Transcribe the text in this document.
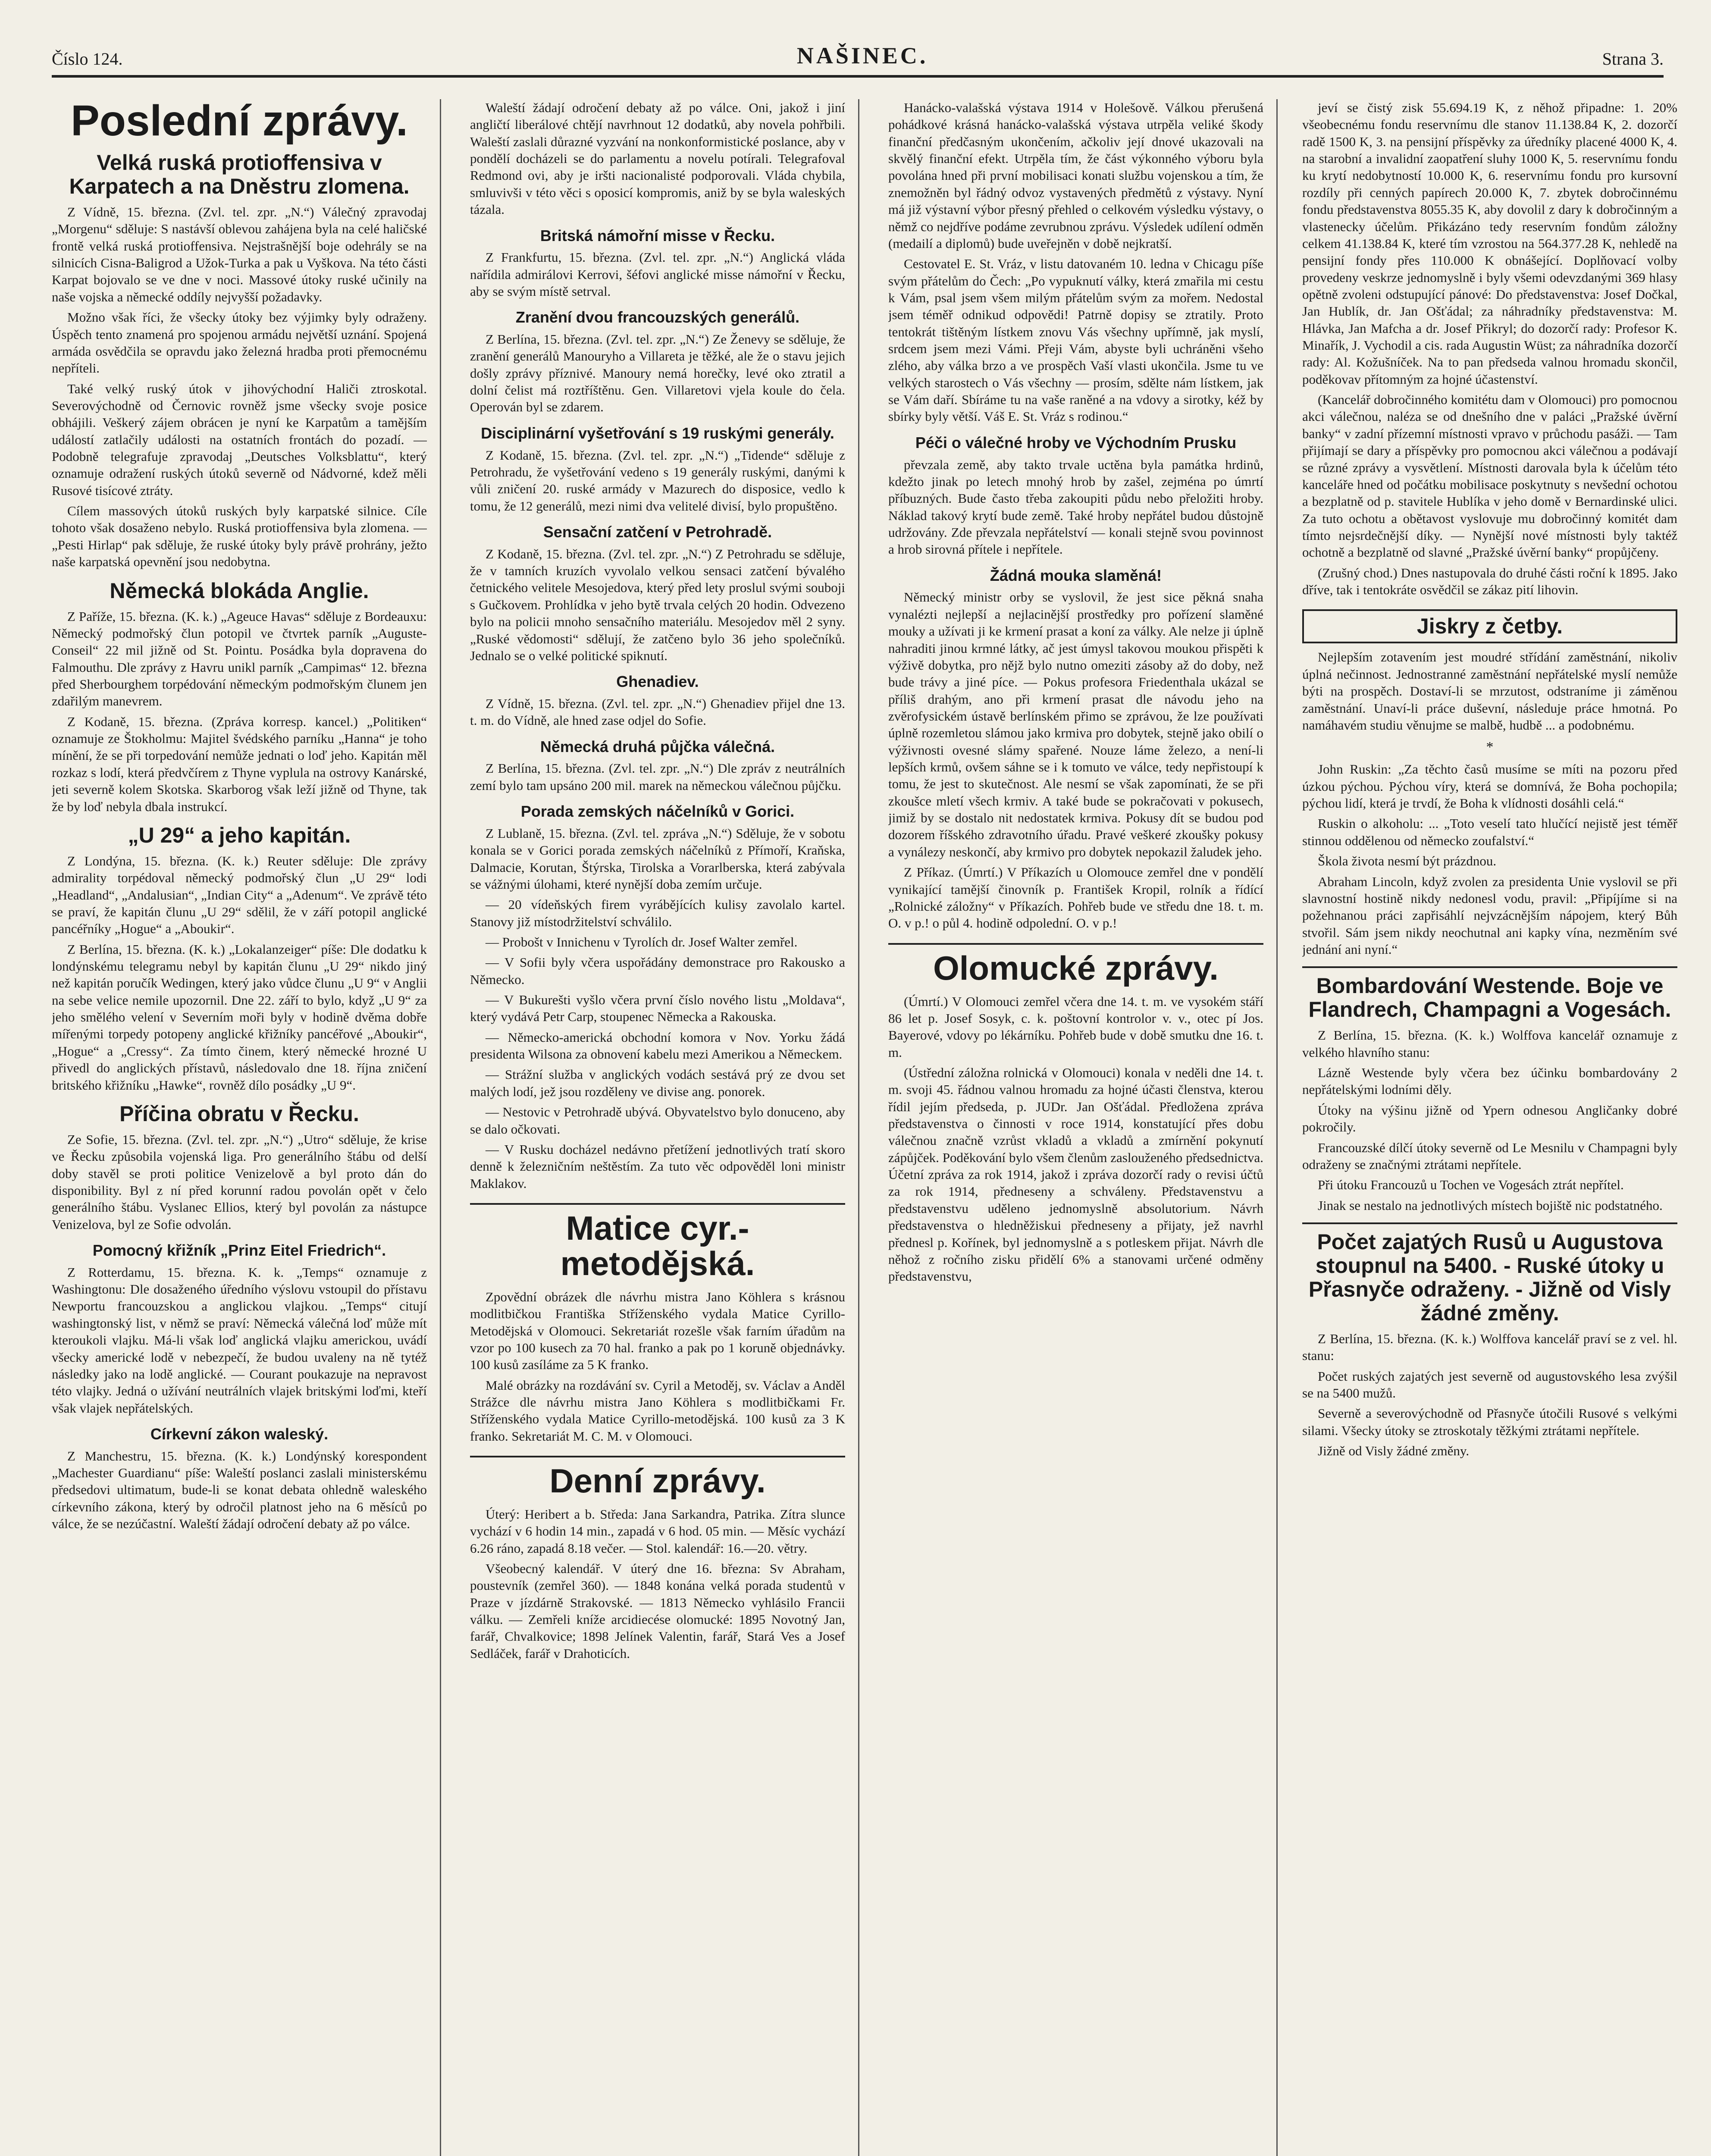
Číslo 124.	NAŠINEC.	Strana 3.
Poslední zprávy.
Velká ruská protioffensiva v Karpatech a na Dněstru zlomena.

Z Vídně, 15. března. (Zvl. tel. zpr. „N.“) Válečný zpravodaj „Morgenu“ sděluje: S nastávší oblevou zahájena byla na celé haličské frontě velká ruská protioffensiva. Nejstrašnější boje odehrály se na silnicích Cisna-Baligrod a Užok-Turka a pak u Vyškova. Na této části Karpat bojovalo se ve dne v noci. Massové útoky ruské učinily na naše vojska a německé oddíly nejvyšší požadavky.

Možno však říci, že všecky útoky bez výjimky byly odraženy. Úspěch tento znamená pro spojenou armádu největší uznání. Spojená armáda osvědčila se opravdu jako železná hradba proti přemocnému nepříteli.

Také velký ruský útok v jihovýchodní Haliči ztroskotal. Severovýchodně od Černovic rovněž jsme všecky svoje posice obhájili. Veškerý zájem obrácen je nyní ke Karpatům a tamějším událostí zatlačily události na ostatních frontách do pozadí. — Podobně telegrafuje zpravodaj „Deutsches Volksblattu“, který oznamuje odražení ruských útoků severně od Nádvorné, kdež měli Rusové tisícové ztráty.

Cílem massových útoků ruských byly karpatské silnice. Cíle tohoto však dosaženo nebylo. Ruská protioffensiva byla zlomena. — „Pesti Hirlap“ pak sděluje, že ruské útoky byly právě prohrány, ježto naše karpatská opevnění jsou nedobytna.

Německá blokáda Anglie.

Z Paříže, 15. března. (K. k.) „Ageuce Havas“ sděluje z Bordeauxu: Německý podmořský člun potopil ve čtvrtek parník „Auguste-Conseil“ 22 mil jižně od St. Pointu. Posádka byla dopravena do Falmouthu. Dle zprávy z Havru unikl parník „Campimas“ 12. března před Sherbourghem torpédování německým podmořským člunem jen zdařilým manevrem.

Z Kodaně, 15. března. (Zpráva korresp. kancel.) „Politiken“ oznamuje ze Štokholmu: Majitel švédského parníku „Hanna“ je toho mínění, že se při torpedování nemůže jednati o loď jeho. Kapitán měl rozkaz s lodí, která předvčírem z Thyne vyplula na ostrovy Kanárské, jeti severně kolem Skotska. Skarborog však leží jižně od Thyne, tak že by loď nebyla dbala instrukcí.

„U 29“ a jeho kapitán.

Z Londýna, 15. března. (K. k.) Reuter sděluje: Dle zprávy admirality torpédoval německý podmořský člun „U 29“ lodi „Headland“, „Andalusian“, „Indian City“ a „Adenum“. Ve zprávě této se praví, že kapitán člunu „U 29“ sdělil, že v září potopil anglické pancéřníky „Hogue“ a „Aboukir“.

Z Berlína, 15. března. (K. k.) „Lokalanzeiger“ píše: Dle dodatku k londýnskému telegramu nebyl by kapitán člunu „U 29“ nikdo jiný než kapitán poručík Wedingen, který jako vůdce člunu „U 9“ v Anglii na sebe velice nemile upozornil. Dne 22. září to bylo, když „U 9“ za jeho smělého velení v Severním moři byly v hodině dvěma dobře mířenými torpedy potopeny anglické křižníky pancéřové „Aboukir“, „Hogue“ a „Cressy“. Za tímto činem, který německé hrozné U přivedl do anglických přístavů, následovalo dne 18. října zničení britského křižníku „Hawke“, rovněž dílo posádky „U 9“.

Příčina obratu v Řecku.

Ze Sofie, 15. března. (Zvl. tel. zpr. „N.“) „Utro“ sděluje, že krise ve Řecku způsobila vojenská liga. Pro generálního štábu od delší doby stavěl se proti politice Venizelově a byl proto dán do disponibility. Byl z ní před korunní radou povolán opět v čelo generálního štábu. Vyslanec Ellios, který byl povolán za nástupce Venizelova, byl ze Sofie odvolán.

Pomocný křižník „Prinz Eitel Friedrich“.

Z Rotterdamu, 15. března. K. k. „Temps“ oznamuje z Washingtonu: Dle dosaženého úředního výslovu vstoupil do přístavu Newportu francouzskou a anglickou vlajkou. „Temps“ citují washingtonský list, v němž se praví: Německá válečná loď může mít kteroukoli vlajku. Má-li však loď anglická vlajku americkou, uvádí všecky americké lodě v nebezpečí, že budou uvaleny na ně tytéž následky jako na lodě anglické. — Courant poukazuje na nepravost této vlajky. Jedná o užívání neutrálních vlajek britskými loďmi, kteří však vlajek nepřátelských.

Církevní zákon waleský.

Z Manchestru, 15. března. (K. k.) Londýnský korespondent „Machester Guardianu“ píše: Waleští poslanci zaslali ministerskému předsedovi ultimatum, bude-li se konat debata ohledně waleského církevního zákona, který by odročil platnost jeho na 6 měsíců po válce, že se nezúčastní. Waleští žádají odročení debaty až po válce.

Waleští žádají odročení debaty až po válce. Oni, jakož i jiní angličtí liberálové chtějí navrhnout 12 dodatků, aby novela pohřbili. Waleští zaslali důrazné vyzvání na nonkonformistické poslance, aby v pondělí docházeli se do parlamentu a novelu potírali. Telegrafoval Redmond ovi, aby je iršti nacionalisté podporovali. Vláda chybila, smluvivši v této věci s oposicí kompromis, aniž by se byla waleských tázala.

Britská námořní misse v Řecku.

Z Frankfurtu, 15. března. (Zvl. tel. zpr. „N.“) Anglická vláda nařídila admirálovi Kerrovi, šéfovi anglické misse námořní v Řecku, aby se svým místě setrval.

Zranění dvou francouzských generálů.

Z Berlína, 15. března. (Zvl. tel. zpr. „N.“) Ze Ženevy se sděluje, že zranění generálů Manouryho a Villareta je těžké, ale že o stavu jejich došly zprávy příznivé. Manoury nemá horečky, levé oko ztratil a dolní čelist má roztříštěnu. Gen. Villaretovi vjela koule do čela. Operován byl se zdarem.

Disciplinární vyšetřování s 19 ruskými generály.

Z Kodaně, 15. března. (Zvl. tel. zpr. „N.“) „Tidende“ sděluje z Petrohradu, že vyšetřování vedeno s 19 generály ruskými, danými k vůli zničení 20. ruské armády v Mazurech do disposice, vedlo k tomu, že 12 generálů, mezi nimi dva velitelé divisí, bylo propuštěno.

Sensační zatčení v Petrohradě.

Z Kodaně, 15. března. (Zvl. tel. zpr. „N.“) Z Petrohradu se sděluje, že v tamních kruzích vyvolalo velkou sensaci zatčení bývalého četnického velitele Mesojedova, který před lety proslul svými souboji s Gučkovem. Prohlídka v jeho bytě trvala celých 20 hodin. Odvezeno bylo na policii mnoho sensačního materiálu. Mesojedov měl 2 syny. „Ruské vědomosti“ sdělují, že zatčeno bylo 36 jeho společníků. Jednalo se o velké politické spiknutí.

Ghenadiev.

Z Vídně, 15. března. (Zvl. tel. zpr. „N.“) Ghenadiev přijel dne 13. t. m. do Vídně, ale hned zase odjel do Sofie.

Německá druhá půjčka válečná.

Z Berlína, 15. března. (Zvl. tel. zpr. „N.“) Dle zpráv z neutrálních zemí bylo tam upsáno 200 mil. marek na německou válečnou půjčku.

Porada zemských náčelníků v Gorici.

Z Lublaně, 15. března. (Zvl. tel. zpráva „N.“) Sděluje, že v sobotu konala se v Gorici porada zemských náčelníků z Přímoří, Kraňska, Dalmacie, Korutan, Štýrska, Tirolska a Vorarlberska, která zabývala se vážnými úlohami, které nynější doba zemím určuje.

— 20 vídeňských firem vyrábějících kulisy zavolalo kartel. Stanovy již místodržitelství schválilo.

— Probošt v Innichenu v Tyrolích dr. Josef Walter zemřel.

— V Sofii byly včera uspořádány demonstrace pro Rakousko a Německo.

— V Bukurešti vyšlo včera první číslo nového listu „Moldava“, který vydává Petr Carp, stoupenec Německa a Rakouska.

— Německo-americká obchodní komora v Nov. Yorku žádá presidenta Wilsona za obnovení kabelu mezi Amerikou a Německem.

— Strážní služba v anglických vodách sestává prý ze dvou set malých lodí, jež jsou rozděleny ve divise ang. ponorek.

— Nestovic v Petrohradě ubývá. Obyvatelstvo bylo donuceno, aby se dalo očkovati.

— V Rusku docházel nedávno přetížení jednotlivých tratí skoro denně k železničním neštěstím. Za tuto věc odpověděl loni ministr Maklakov.

Matice cyr.-metodějská.

Zpovědní obrázek dle návrhu mistra Jano Köhlera s krásnou modlitbičkou Františka Stříženského vydala Matice Cyrillo-Metodějská v Olomouci. Sekretariát rozešle však farním úřadům na vzor po 100 kusech za 70 hal. franko a pak po 1 koruně objednávky. 100 kusů zasíláme za 5 K franko.

Malé obrázky na rozdávání sv. Cyril a Metoděj, sv. Václav a Anděl Strážce dle návrhu mistra Jano Köhlera s modlitbičkami Fr. Stříženského vydala Matice Cyrillo-metodějská. 100 kusů za 3 K franko. Sekretariát M. C. M. v Olomouci.

Denní zprávy.

Úterý: Heribert a b. Středa: Jana Sarkandra, Patrika. Zítra slunce vychází v 6 hodin 14 min., zapadá v 6 hod. 05 min. — Měsíc vychází 6.26 ráno, zapadá 8.18 večer. — Stol. kalendář: 16.—20. větry.

Všeobecný kalendář. V úterý dne 16. března: Sv Abraham, poustevník (zemřel 360). — 1848 konána velká porada studentů v Praze v jízdárně Strakovské. — 1813 Německo vyhlásilo Francii válku. — Zemřeli kníže arcidiecése olomucké: 1895 Novotný Jan, farář, Chvalkovice; 1898 Jelínek Valentin, farář, Stará Ves a Josef Sedláček, farář v Drahoticích.

Hanácko-valašská výstava 1914 v Holešově. Válkou přerušená pohádkové krásná hanácko-valašská výstava utrpěla veliké škody finanční předčasným ukončením, ačkoliv její dnové ukazovali na skvělý finanční efekt. Utrpěla tím, že část výkonného výboru byla povolána hned při první mobilisaci konati službu vojenskou a tím, že znemožněn byl řádný odvoz vystavených předmětů z výstavy. Nyní má již výstavní výbor přesný přehled o celkovém výsledku výstavy, o němž co nejdříve podáme zevrubnou zprávu. Výsledek udílení odměn (medailí a diplomů) bude uveřejněn v době nejkratší.

Cestovatel E. St. Vráz, v listu datovaném 10. ledna v Chicagu píše svým přátelům do Čech: „Po vypuknutí války, která zmařila mi cestu k Vám, psal jsem všem milým přátelům svým za mořem. Nedostal jsem téměř odnikud odpovědi! Patrně dopisy se ztratily. Proto tentokrát tištěným lístkem znovu Vás všechny upřímně, jak myslí, srdcem jsem mezi Vámi. Přeji Vám, abyste byli uchráněni všeho zlého, aby válka brzo a ve prospěch Vaší vlasti ukončila. Jsme tu ve velkých starostech o Vás všechny — prosím, sdělte nám lístkem, jak se Vám daří. Sbíráme tu na vaše raněné a na vdovy a sirotky, kéž by sbírky byly větší. Váš E. St. Vráz s rodinou.“

Péči o válečné hroby ve Východním Prusku

převzala země, aby takto trvale uctěna byla památka hrdinů, kdežto jinak po letech mnohý hrob by zašel, zejména po úmrtí příbuzných. Bude často třeba zakoupiti půdu nebo přeložiti hroby. Náklad takový krytí bude země. Také hroby nepřátel budou důstojně udržovány. Zde převzala nepřátelství — konali stejně svou povinnost a hrob sirovná přítele i nepřítele.

Žádná mouka slaměná!

Německý ministr orby se vyslovil, že jest sice pěkná snaha vynalézti nejlepší a nejlacinější prostředky pro pořízení slaměné mouky a užívati ji ke krmení prasat a koní za války. Ale nelze ji úplně nahraditi jinou krmné látky, ač jest úmysl takovou moukou přispěti k výživě dobytka, pro nějž bylo nutno omeziti zásoby až do doby, než bude trávy a jiné píce. — Pokus profesora Friedenthala ukázal se příliš drahým, ano při krmení prasat dle návodu jeho na zvěrofysickém ústavě berlínském přimo se zprávou, že lze používati úplně rozemletou slámou jako krmiva pro dobytek, stejně jako obilí o výživnosti ovesné slámy spařené. Nouze láme železo, a není-li lepších krmů, ovšem sáhne se i k tomuto ve válce, tedy nepřistoupí k tomu, že jest to skutečnost. Ale nesmí se však zapomínati, že se při zkoušce mletí všech krmiv. A také bude se pokračovati v pokusech, jimiž by se dostalo nit nedostatek krmiva. Pokusy dít se budou pod dozorem říšského zdravotního úřadu. Pravé veškeré zkoušky pokusy a vynálezy neskončí, aby krmivo pro dobytek nepokazil žaludek jeho.

Z Příkaz. (Úmrtí.) V Příkazích u Olomouce zemřel dne v pondělí vynikající tamější činovník p. František Kropil, rolník a řídící „Rolnické záložny“ v Příkazích. Pohřeb bude ve středu dne 18. t. m. O. v p.! o půl 4. hodině odpolední. O. v p.!

Olomucké zprávy.

(Úmrtí.) V Olomouci zemřel včera dne 14. t. m. ve vysokém stáří 86 let p. Josef Sosyk, c. k. poštovní kontrolor v. v., otec pí Jos. Bayerové, vdovy po lékárníku. Pohřeb bude v době smutku dne 16. t. m.

(Ústřední záložna rolnická v Olomouci) konala v neděli dne 14. t. m. svoji 45. řádnou valnou hromadu za hojné účasti členstva, kterou řídil jejím předseda, p. JUDr. Jan Ošťádal. Předložena zpráva představenstva o činnosti v roce 1914, konstatující přes dobu válečnou značně vzrůst vkladů a vkladů a zmírnění pokynutí zápůjček. Poděkování bylo všem členům zaslouženého předsednictva. Účetní zpráva za rok 1914, jakož i zpráva dozorčí rady o revisi účtů za rok 1914, předneseny a schváleny. Představenstvu a představenstvu uděleno jednomyslně absolutorium. Návrh představenstva o hledněžiskui předneseny a přijaty, jež navrhl přednesl p. Kořínek, byl jednomyslně a s potleskem přijat. Návrh dle něhož z ročního zisku přidělí 6% a stanovami určené odměny představenstvu,

jeví se čistý zisk 55.694.19 K, z něhož připadne: 1. 20% všeobecnému fondu reservnímu dle stanov 11.138.84 K, 2. dozorčí radě 1500 K, 3. na pensijní příspěvky za úředníky placené 4000 K, 4. na starobní a invalidní zaopatření sluhy 1000 K, 5. reservnímu fondu ku krytí nedobytností 10.000 K, 6. reservnímu fondu pro kursovní rozdíly při cenných papírech 20.000 K, 7. zbytek dobročinnému fondu představenstva 8055.35 K, aby dovolil z dary k dobročinným a vlastenecky účelům. Přikázáno tedy reservním fondům záložny celkem 41.138.84 K, které tím vzrostou na 564.377.28 K, nehledě na pensijní fondy přes 110.000 K obnášející. Doplňovací volby provedeny veskrze jednomyslně i byly všemi odevzdanými 369 hlasy opětně zvoleni odstupující pánové: Do představenstva: Josef Dočkal, Jan Hublík, dr. Jan Ošťádal; za náhradníky představenstva: M. Hlávka, Jan Mafcha a dr. Josef Přikryl; do dozorčí rady: Profesor K. Minařík, J. Vychodil a cis. rada Augustin Wüst; za náhradníka dozorčí rady: Al. Kožušníček. Na to pan předseda valnou hromadu skončil, poděkovav přítomným za hojné účastenství.

(Kancelář dobročinného komitétu dam v Olomouci) pro pomocnou akci válečnou, naléza se od dnešního dne v paláci „Pražské úvěrní banky“ v zadní přízemní místnosti vpravo v průchodu pasáži. — Tam přijímají se dary a příspěvky pro pomocnou akci válečnou a podávají se různé zprávy a vysvětlení. Místnosti darovala byla k účelům této kanceláře hned od počátku mobilisace poskytnuty s nevšední ochotou a bezplatně od p. stavitele Hublíka v jeho domě v Bernardinské ulici. Za tuto ochotu a obětavost vyslovuje mu dobročinný komitét dam tímto nejsrdečnější díky. — Nynější nové místnosti byly taktéž ochotně a bezplatně od slavné „Pražské úvěrní banky“ propůjčeny.

(Zrušný chod.) Dnes nastupovala do druhé části roční k 1895. Jako dříve, tak i tentokráte osvědčil se zákaz pití lihovin.

Jiskry z četby.

Nejlepším zotavením jest moudré střídání zaměstnání, nikoliv úplná nečinnost. Jednostranné zaměstnání nepřátelské myslí nemůže býti na prospěch. Dostaví-li se mrzutost, odstraníme ji záměnou zaměstnání. Unaví-li práce duševní, následuje práce hmotná. Po namáhavém studiu věnujme se malbě, hudbě ... a podobnému.

*

John Ruskin: „Za těchto časů musíme se míti na pozoru před úzkou pýchou. Pýchou víry, která se domnívá, že Boha pochopila; pýchou lidí, která je trvdí, že Boha k vlídnosti dosáhli celá.“

Ruskin o alkoholu: ... „Toto veselí tato hlučící nejistě jest téměř stinnou oddělenou od německo zoufalství.“

Škola života nesmí být prázdnou.

Abraham Lincoln, když zvolen za presidenta Unie vyslovil se při slavnostní hostině nikdy nedonesl vodu, pravil: „Připíjíme si na požehnanou práci zapřisáhlí nejvzácnějším nápojem, který Bůh stvořil. Sám jsem nikdy neochutnal ani kapky vína, nezměním své jednání ani nyní.“

Bombardování Westende. Boje ve Flandrech, Champagni a Vogesách.

Z Berlína, 15. března. (K. k.) Wolffova kancelář oznamuje z velkého hlavního stanu:

Lázně Westende byly včera bez účinku bombardovány 2 nepřátelskými lodními děly.

Útoky na výšinu jižně od Ypern odnesou Angličanky dobré pokročily.

Francouzské dílčí útoky severně od Le Mesnilu v Champagni byly odraženy se značnými ztrátami nepřítele.

Při útoku Francouzů u Tochen ve Vogesách ztrát nepřítel.

Jinak se nestalo na jednotlivých místech bojiště nic podstatného.

Počet zajatých Rusů u Augustova stoupnul na 5400. - Ruské útoky u Přasnyče odraženy. - Jižně od Visly žádné změny.

Z Berlína, 15. března. (K. k.) Wolffova kancelář praví se z vel. hl. stanu:

Počet ruských zajatých jest severně od augustovského lesa zvýšil se na 5400 mužů.

Severně a severovýchodně od Přasnyče útočili Rusové s velkými silami. Všecky útoky se ztroskotaly těžkými ztrátami nepřítele.

Jižně od Visly žádné změny.
